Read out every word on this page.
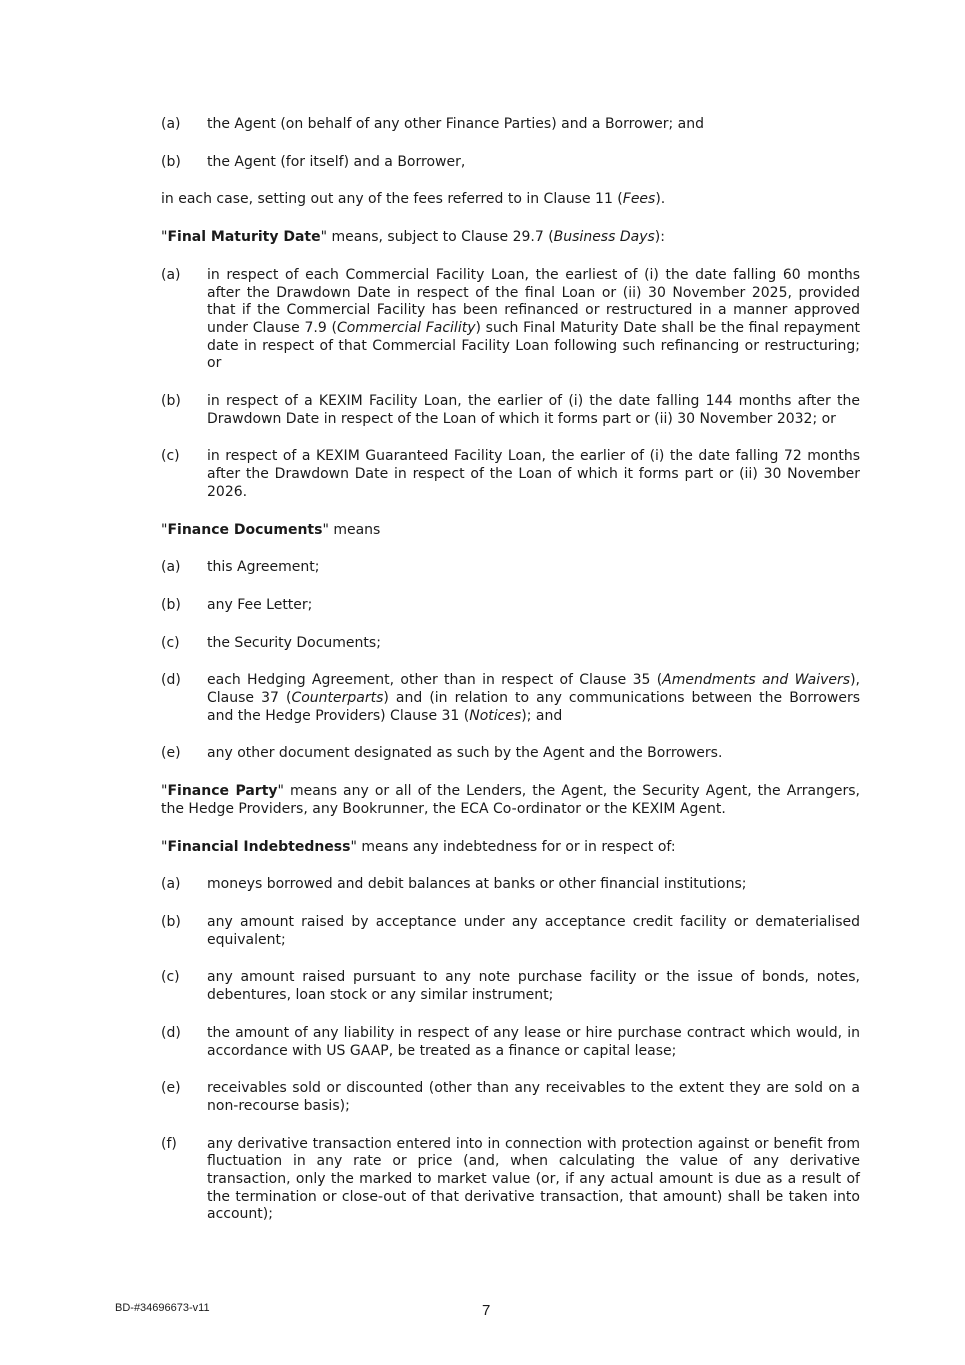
(a)	the Agent (on behalf of any other Finance Parties) and a Borrower; and
(b)	the Agent (for itself) and a Borrower,
in each case, setting out any of the fees referred to in Clause 11 (Fees).
"Final Maturity Date" means, subject to Clause 29.7 (Business Days):
(a)	in respect of each Commercial Facility Loan, the earliest of (i) the date falling 60 months after the Drawdown Date in respect of the final Loan or (ii) 30 November 2025, provided that if the Commercial Facility has been refinanced or restructured in a manner approved under Clause 7.9 (Commercial Facility) such Final Maturity Date shall be the final repayment date in respect of that Commercial Facility Loan following such refinancing or restructuring; or
(b)	in respect of a KEXIM Facility Loan, the earlier of (i) the date falling 144 months after the Drawdown Date in respect of the Loan of which it forms part or (ii) 30 November 2032; or
(c)	in respect of a KEXIM Guaranteed Facility Loan, the earlier of (i) the date falling 72 months after the Drawdown Date in respect of the Loan of which it forms part or (ii) 30 November 2026.
"Finance Documents" means
(a)	this Agreement;
(b)	any Fee Letter;
(c)	the Security Documents;
(d)	each Hedging Agreement, other than in respect of Clause 35 (Amendments and Waivers), Clause 37 (Counterparts) and (in relation to any communications between the Borrowers and the Hedge Providers) Clause 31 (Notices); and
(e)	any other document designated as such by the Agent and the Borrowers.
"Finance Party" means any or all of the Lenders, the Agent, the Security Agent, the Arrangers, the Hedge Providers, any Bookrunner, the ECA Co-ordinator or the KEXIM Agent.
"Financial Indebtedness" means any indebtedness for or in respect of:
(a)	moneys borrowed and debit balances at banks or other financial institutions;
(b)	any amount raised by acceptance under any acceptance credit facility or dematerialised equivalent;
(c)	any amount raised pursuant to any note purchase facility or the issue of bonds, notes, debentures, loan stock or any similar instrument;
(d)	the amount of any liability in respect of any lease or hire purchase contract which would, in accordance with US GAAP, be treated as a finance or capital lease;
(e)	receivables sold or discounted (other than any receivables to the extent they are sold on a non-recourse basis);
(f)	any derivative transaction entered into in connection with protection against or benefit from fluctuation in any rate or price (and, when calculating the value of any derivative transaction, only the marked to market value (or, if any actual amount is due as a result of the termination or close-out of that derivative transaction, that amount) shall be taken into account);
BD-#34696673-v11	7
